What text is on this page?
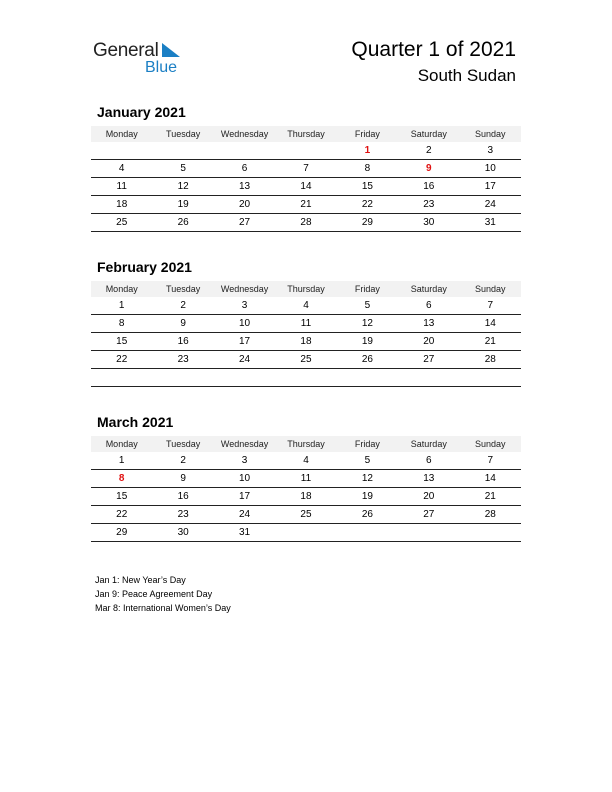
General
Blue
Quarter 1 of 2021
South Sudan
January 2021
Monday	Tuesday	Wednesday	Thursday	Friday	Saturday	Sunday
				1	2	3
4	5	6	7	8	9	10
11	12	13	14	15	16	17
18	19	20	21	22	23	24
25	26	27	28	29	30	31
February 2021
Monday	Tuesday	Wednesday	Thursday	Friday	Saturday	Sunday
1	2	3	4	5	6	7
8	9	10	11	12	13	14
15	16	17	18	19	20	21
22	23	24	25	26	27	28

March 2021
Monday	Tuesday	Wednesday	Thursday	Friday	Saturday	Sunday
1	2	3	4	5	6	7
8	9	10	11	12	13	14
15	16	17	18	19	20	21
22	23	24	25	26	27	28
29	30	31				
Jan 1: New Year’s Day
Jan 9: Peace Agreement Day
Mar 8: International Women’s Day
